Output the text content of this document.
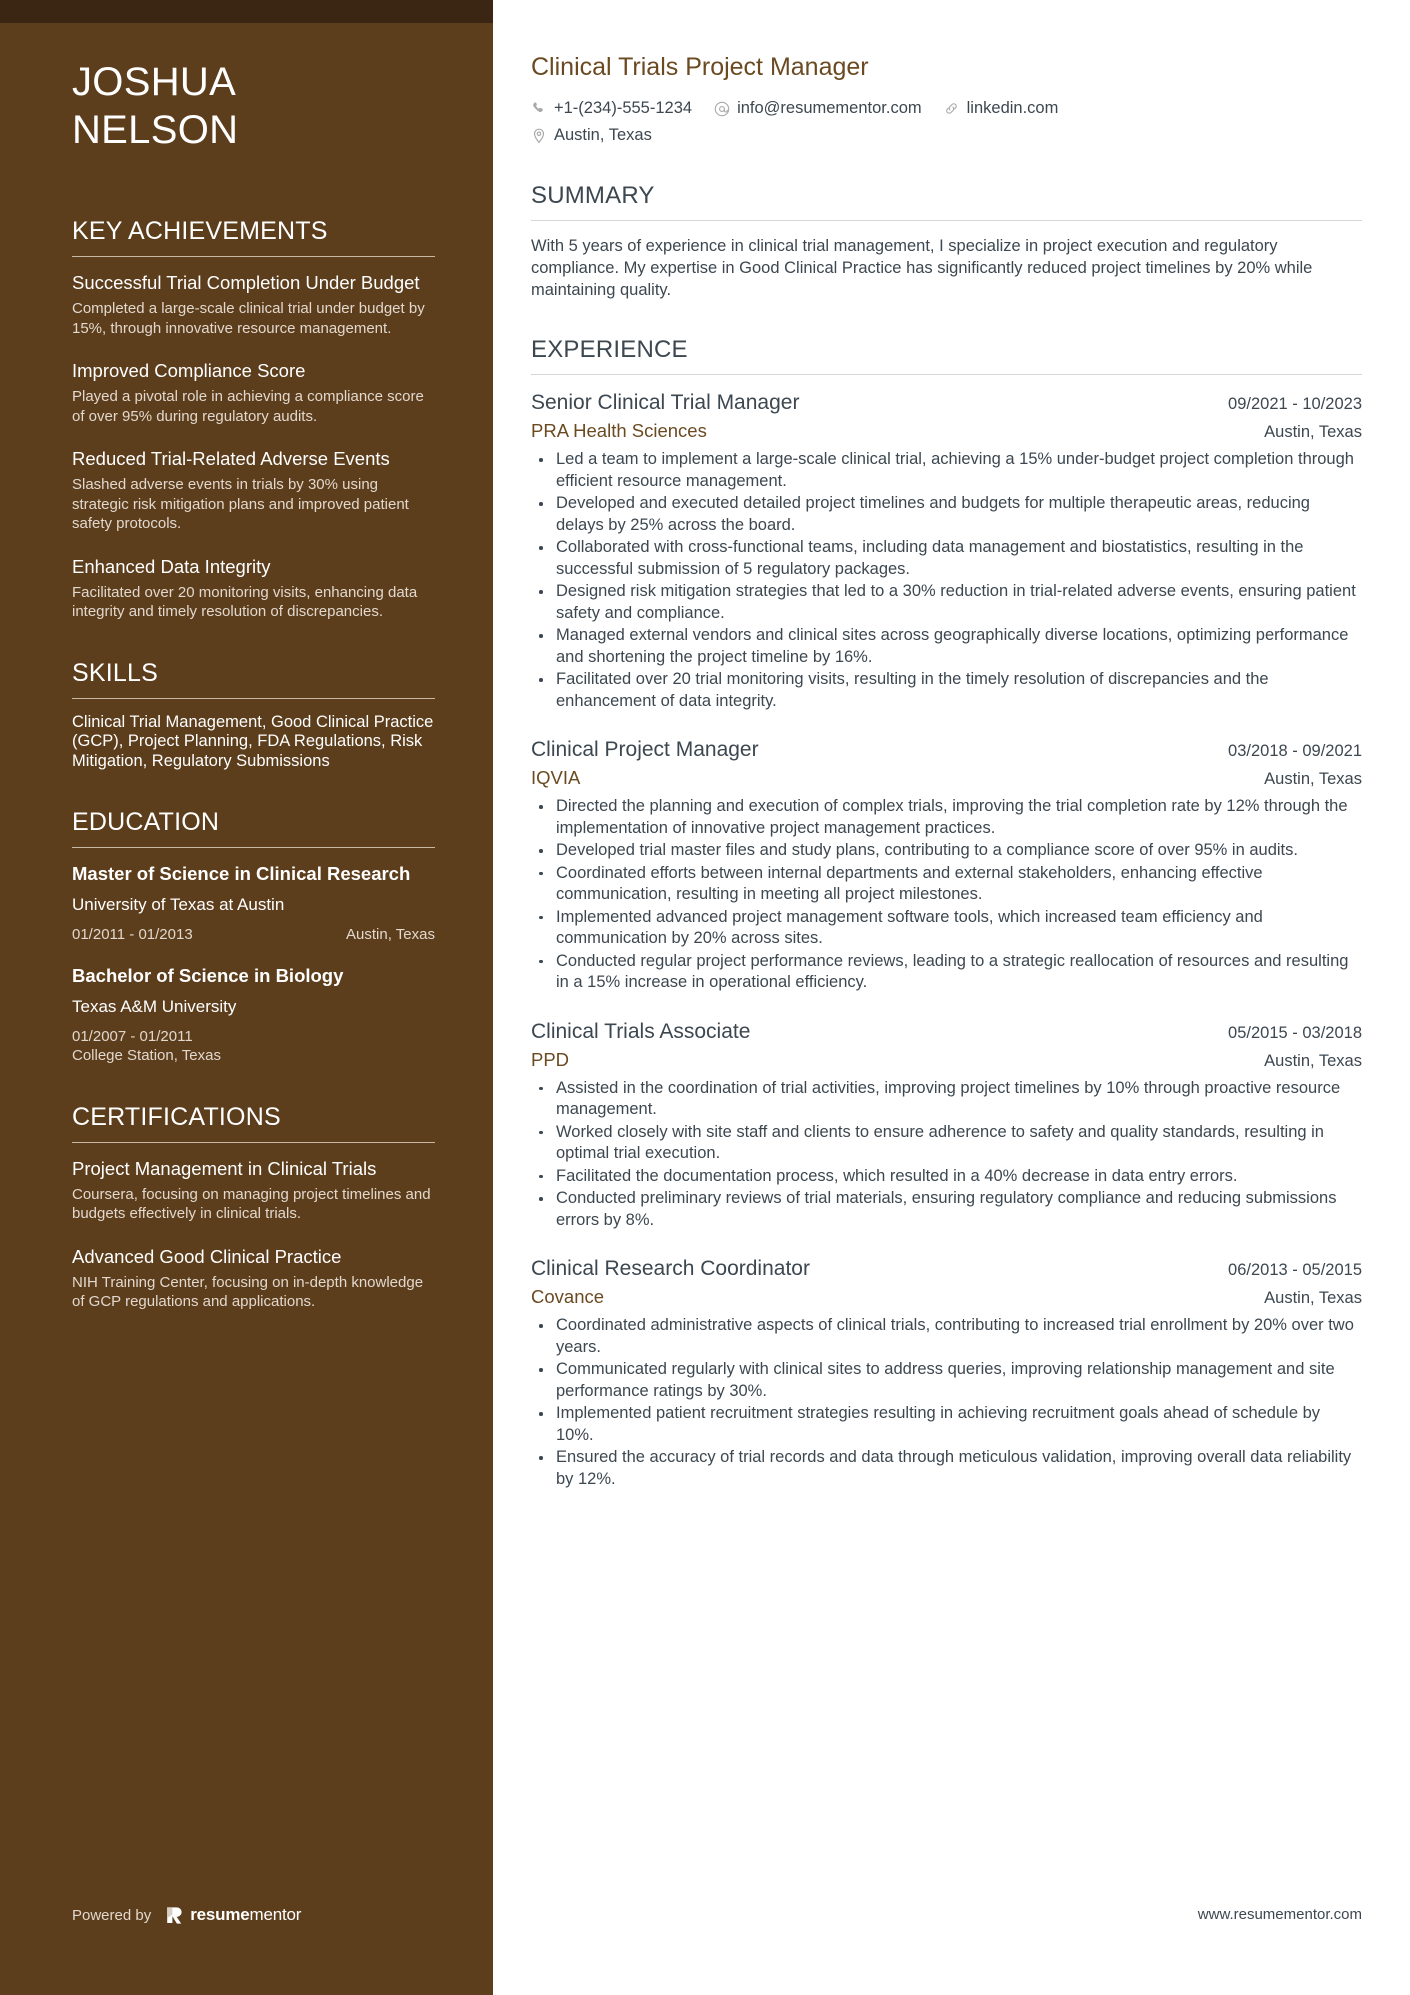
JOSHUA
NELSON
KEY ACHIEVEMENTS
Successful Trial Completion Under Budget
Completed a large-scale clinical trial under budget by 15%, through innovative resource management.
Improved Compliance Score
Played a pivotal role in achieving a compliance score of over 95% during regulatory audits.
Reduced Trial-Related Adverse Events
Slashed adverse events in trials by 30% using strategic risk mitigation plans and improved patient safety protocols.
Enhanced Data Integrity
Facilitated over 20 monitoring visits, enhancing data integrity and timely resolution of discrepancies.
SKILLS
Clinical Trial Management, Good Clinical Practice (GCP), Project Planning, FDA Regulations, Risk Mitigation, Regulatory Submissions
EDUCATION
Master of Science in Clinical Research
University of Texas at Austin
01/2011 - 01/2013	Austin, Texas
Bachelor of Science in Biology
Texas A&M University
01/2007 - 01/2011
College Station, Texas
CERTIFICATIONS
Project Management in Clinical Trials
Coursera, focusing on managing project timelines and budgets effectively in clinical trials.
Advanced Good Clinical Practice
NIH Training Center, focusing on in-depth knowledge of GCP regulations and applications.
Powered by resumementor
Clinical Trials Project Manager
+1-(234)-555-1234	info@resumementor.com	linkedin.com
Austin, Texas
SUMMARY

With 5 years of experience in clinical trial management, I specialize in project execution and regulatory compliance. My expertise in Good Clinical Practice has significantly reduced project timelines by 20% while maintaining quality.

EXPERIENCE
Senior Clinical Trial Manager	09/2021 - 10/2023
PRA Health Sciences	Austin, Texas
Led a team to implement a large-scale clinical trial, achieving a 15% under-budget project completion through efficient resource management.
Developed and executed detailed project timelines and budgets for multiple therapeutic areas, reducing delays by 25% across the board.
Collaborated with cross-functional teams, including data management and biostatistics, resulting in the successful submission of 5 regulatory packages.
Designed risk mitigation strategies that led to a 30% reduction in trial-related adverse events, ensuring patient safety and compliance.
Managed external vendors and clinical sites across geographically diverse locations, optimizing performance and shortening the project timeline by 16%.
Facilitated over 20 trial monitoring visits, resulting in the timely resolution of discrepancies and the enhancement of data integrity.
Clinical Project Manager	03/2018 - 09/2021
IQVIA	Austin, Texas
Directed the planning and execution of complex trials, improving the trial completion rate by 12% through the implementation of innovative project management practices.
Developed trial master files and study plans, contributing to a compliance score of over 95% in audits.
Coordinated efforts between internal departments and external stakeholders, enhancing effective communication, resulting in meeting all project milestones.
Implemented advanced project management software tools, which increased team efficiency and communication by 20% across sites.
Conducted regular project performance reviews, leading to a strategic reallocation of resources and resulting in a 15% increase in operational efficiency.
Clinical Trials Associate	05/2015 - 03/2018
PPD	Austin, Texas
Assisted in the coordination of trial activities, improving project timelines by 10% through proactive resource management.
Worked closely with site staff and clients to ensure adherence to safety and quality standards, resulting in optimal trial execution.
Facilitated the documentation process, which resulted in a 40% decrease in data entry errors.
Conducted preliminary reviews of trial materials, ensuring regulatory compliance and reducing submissions errors by 8%.
Clinical Research Coordinator	06/2013 - 05/2015
Covance	Austin, Texas
Coordinated administrative aspects of clinical trials, contributing to increased trial enrollment by 20% over two years.
Communicated regularly with clinical sites to address queries, improving relationship management and site performance ratings by 30%.
Implemented patient recruitment strategies resulting in achieving recruitment goals ahead of schedule by 10%.
Ensured the accuracy of trial records and data through meticulous validation, improving overall data reliability by 12%.
www.resumementor.com
